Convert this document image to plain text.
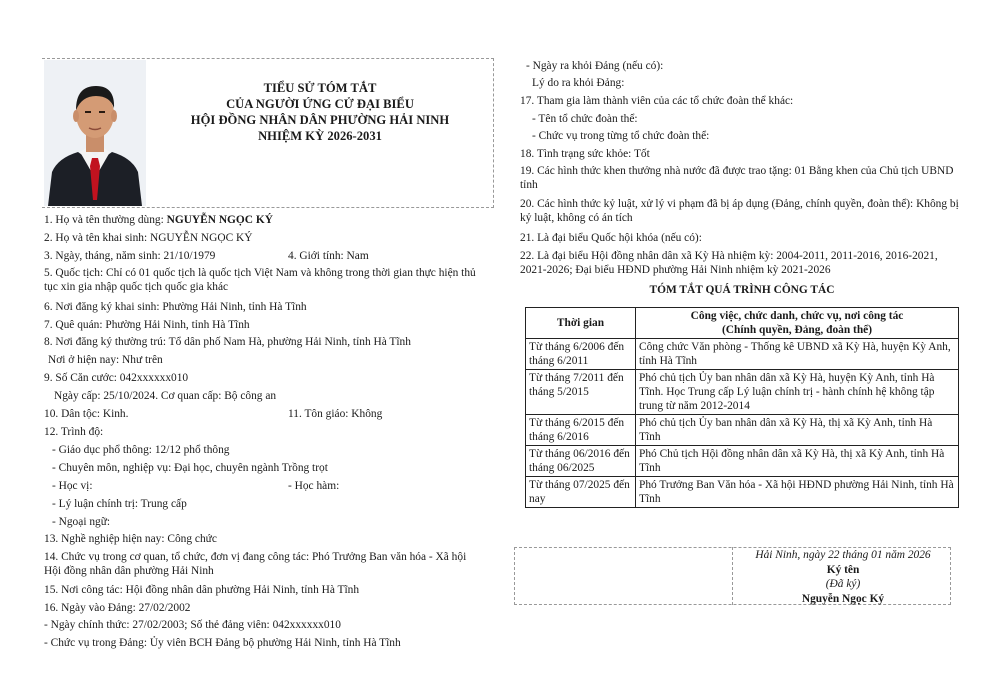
TIỂU SỬ TÓM TẮT
CỦA NGƯỜI ỨNG CỬ ĐẠI BIỂU
HỘI ĐỒNG NHÂN DÂN PHƯỜNG HẢI NINH
NHIỆM KỲ 2026-2031
1. Họ và tên thường dùng: NGUYỄN NGỌC KÝ
2. Họ và tên khai sinh: NGUYỄN NGỌC KÝ
3. Ngày, tháng, năm sinh: 21/10/1979	4. Giới tính: Nam
5. Quốc tịch: Chỉ có 01 quốc tịch là quốc tịch Việt Nam và không trong thời gian thực hiện thủ tục xin gia nhập quốc tịch quốc gia khác
6. Nơi đăng ký khai sinh: Phường Hải Ninh, tỉnh Hà Tĩnh
7. Quê quán: Phường Hải Ninh, tỉnh Hà Tĩnh
8. Nơi đăng ký thường trú: Tổ dân phố Nam Hà, phường Hải Ninh, tỉnh Hà Tĩnh
Nơi ở hiện nay: Như trên
9. Số Căn cước: 042xxxxxx010
Ngày cấp: 25/10/2024. Cơ quan cấp: Bộ công an
10. Dân tộc: Kinh.	11. Tôn giáo: Không
12. Trình độ:
- Giáo dục phổ thông: 12/12 phổ thông
- Chuyên môn, nghiệp vụ: Đại học, chuyên ngành Trồng trọt
- Học vị:	- Học hàm:
- Lý luận chính trị: Trung cấp
- Ngoại ngữ:
13. Nghề nghiệp hiện nay: Công chức
14. Chức vụ trong cơ quan, tổ chức, đơn vị đang công tác: Phó Trưởng Ban văn hóa - Xã hội Hội đồng nhân dân phường Hải Ninh
15. Nơi công tác: Hội đồng nhân dân phường Hải Ninh, tỉnh Hà Tĩnh
16. Ngày vào Đảng: 27/02/2002
- Ngày chính thức: 27/02/2003; Số thẻ đảng viên: 042xxxxxx010
- Chức vụ trong Đảng: Ủy viên BCH Đảng bộ phường Hải Ninh, tỉnh Hà Tĩnh
- Ngày ra khỏi Đảng (nếu có):
Lý do ra khỏi Đảng:
17. Tham gia làm thành viên của các tổ chức đoàn thể khác:
- Tên tổ chức đoàn thể:
- Chức vụ trong từng tổ chức đoàn thể:
18. Tình trạng sức khỏe: Tốt
19. Các hình thức khen thưởng nhà nước đã được trao tặng: 01 Bằng khen của Chủ tịch UBND tỉnh
20. Các hình thức kỷ luật, xử lý vi phạm đã bị áp dụng (Đảng, chính quyền, đoàn thể): Không bị kỷ luật, không có án tích
21. Là đại biểu Quốc hội khóa (nếu có):
22. Là đại biểu Hội đồng nhân dân xã Kỳ Hà nhiệm kỳ: 2004-2011, 2011-2016, 2016-2021, 2021-2026; Đại biểu HĐND phường Hải Ninh nhiệm kỳ 2021-2026
TÓM TẮT QUÁ TRÌNH CÔNG TÁC
Thời gian	Công việc, chức danh, chức vụ, nơi công tác
(Chính quyền, Đảng, đoàn thể)

Từ tháng 6/2006 đến tháng 6/2011	Công chức Văn phòng - Thống kê UBND xã Kỳ Hà, huyện Kỳ Anh, tỉnh Hà Tĩnh
Từ tháng 7/2011 đến tháng 5/2015	Phó chủ tịch Ủy ban nhân dân xã Kỳ Hà, huyện Kỳ Anh, tỉnh Hà Tĩnh. Học Trung cấp Lý luận chính trị - hành chính hệ không tập trung từ năm 2012-2014
Từ tháng 6/2015 đến tháng 6/2016	Phó chủ tịch Ủy ban nhân dân xã Kỳ Hà, thị xã Kỳ Anh, tỉnh Hà Tĩnh
Từ tháng 06/2016 đến tháng 06/2025	Phó Chủ tịch Hội đồng nhân dân xã Kỳ Hà, thị xã Kỳ Anh, tỉnh Hà Tĩnh
Từ tháng 07/2025 đến nay	Phó Trưởng Ban Văn hóa - Xã hội HĐND phường Hải Ninh, tỉnh Hà Tĩnh
Hải Ninh, ngày 22 tháng 01 năm 2026
Ký tên
(Đã ký)
Nguyễn Ngọc Ký
